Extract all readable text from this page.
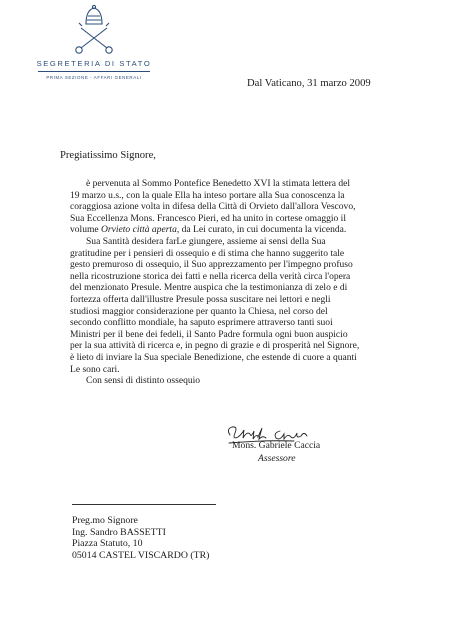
SEGRETERIA DI STATO
PRIMA SEZIONE - AFFARI GENERALI
Dal Vaticano, 31 marzo 2009
Pregiatissimo Signore,
è pervenuta al Sommo Pontefice Benedetto XVI la stimata lettera del
19 marzo u.s., con la quale Ella ha inteso portare alla Sua conoscenza la
coraggiosa azione volta in difesa della Città di Orvieto dall'allora Vescovo,
Sua Eccellenza Mons. Francesco Pieri, ed ha unito in cortese omaggio il
volume Orvieto città aperta, da Lei curato, in cui documenta la vicenda.
Sua Santità desidera farLe giungere, assieme ai sensi della Sua
gratitudine per i pensieri di ossequio e di stima che hanno suggerito tale
gesto premuroso di ossequio, il Suo apprezzamento per l'impegno profuso
nella ricostruzione storica dei fatti e nella ricerca della verità circa l'opera
del menzionato Presule. Mentre auspica che la testimonianza di zelo e di
fortezza offerta dall'illustre Presule possa suscitare nei lettori e negli
studiosi maggior considerazione per quanto la Chiesa, nel corso del
secondo conflitto mondiale, ha saputo esprimere attraverso tanti suoi
Ministri per il bene dei fedeli, il Santo Padre formula ogni buon auspicio
per la sua attività di ricerca e, in pegno di grazie e di prosperità nel Signore,
è lieto di inviare la Sua speciale Benedizione, che estende di cuore a quanti
Le sono cari.
Con sensi di distinto ossequio
Mons. Gabriele Caccia
Assessore
Preg.mo Signore
Ing. Sandro BASSETTI
Piazza Statuto, 10
05014 CASTEL VISCARDO (TR)
